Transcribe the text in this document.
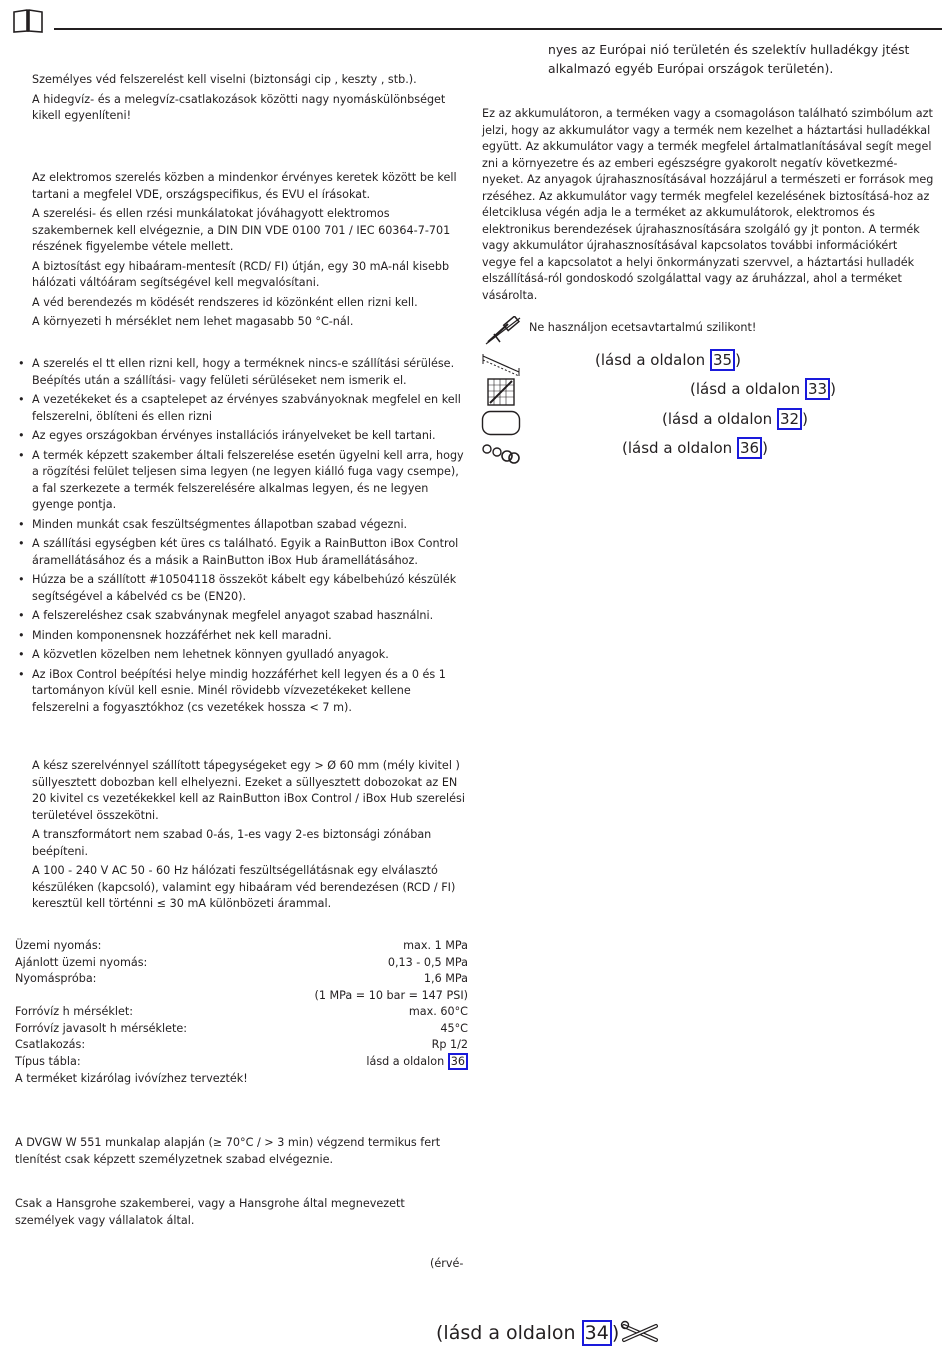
Személyes véd felszerelést kell viselni (biztonsági cip , keszty , stb.).

A hidegvíz- és a melegvíz-csatlakozások közötti nagy nyomáskülönbséget kikell egyenlíteni!

Az elektromos szerelés közben a mindenkor érvényes keretek között be kell tartani a megfelel VDE, országspecifikus, és EVU el írásokat.

A szerelési- és ellen rzési munkálatokat jóváhagyott elektromos szakembernek kell elvégeznie, a DIN DIN VDE 0100 701 / IEC 60364-7-701 részének figyelembe vétele mellett.

A biztosítást egy hibaáram-mentesít (RCD/ FI) útján, egy 30 mA-nál kisebb hálózati váltóáram segítségével kell megvalósítani.

A véd berendezés m ködését rendszeres id közönként ellen rizni kell.

A környezeti h mérséklet nem lehet magasabb 50 °C-nál.

• A szerelés el tt ellen rizni kell, hogy a terméknek nincs-e szállítási sérülése. Beépítés után a szállítási- vagy felületi sérüléseket nem ismerik el.
• A vezetékeket és a csaptelepet az érvényes szabványoknak megfelel en kell felszerelni, öblíteni és ellen rizni
• Az egyes országokban érvényes installációs irányelveket be kell tartani.
• A termék képzett szakember általi felszerelése esetén ügyelni kell arra, hogy a rögzítési felület teljesen sima legyen (ne legyen kiálló fuga vagy csempe), a fal szerkezete a termék felszerelésére alkalmas legyen, és ne legyen gyenge pontja.
• Minden munkát csak feszültségmentes állapotban szabad végezni.
• A szállítási egységben két üres cs található. Egyik a RainButton iBox Control áramellátásához és a másik a RainButton iBox Hub áramellátásához.
• Húzza be a szállított #10504118 összeköt kábelt egy kábelbehúzó készülék segítségével a kábelvéd cs be (EN20).
• A felszereléshez csak szabványnak megfelel anyagot szabad használni.
• Minden komponensnek hozzáférhet nek kell maradni.
• A közvetlen közelben nem lehetnek könnyen gyulladó anyagok.
• Az iBox Control beépítési helye mindig hozzáférhet kell legyen és a 0 és 1 tartományon kívül kell esnie. Minél rövidebb vízvezetékeket kellene felszerelni a fogyasztókhoz (cs vezetékek hossza < 7 m).

A kész szerelvénnyel szállított tápegységeket egy > Ø 60 mm (mély kivitel ) süllyesztett dobozban kell elhelyezni. Ezeket a süllyesztett dobozokat az EN 20 kivitel cs vezetékekkel kell az RainButton iBox Control / iBox Hub szerelési területével összekötni.

A transzformátort nem szabad 0-ás, 1-es vagy 2-es biztonsági zónában beépíteni.

A 100 - 240 V AC 50 - 60 Hz hálózati feszültségellátásnak egy elválasztó készüléken (kapcsoló), valamint egy hibaáram véd berendezésen (RCD / FI) keresztül kell történni ≤ 30 mA különbözeti árammal.

Üzemi nyomás:	max. 1 MPa
Ajánlott üzemi nyomás:	0,13 - 0,5 MPa
Nyomáspróba:	1,6 MPa
(1 MPa = 10 bar = 147 PSI)
Forróvíz h mérséklet:	max. 60°C
Forróvíz javasolt h mérséklete:	45°C
Csatlakozás:	Rp 1/2
Típus tábla:	lásd a oldalon 36
A terméket kizárólag ivóvízhez tervezték!

A DVGW W 551 munkalap alapján (≥ 70°C / > 3 min) végzend termikus fert tlenítést csak képzett személyzetnek szabad elvégeznie.

Csak a Hansgrohe szakemberei, vagy a Hansgrohe által megnevezett személyek vagy vállalatok által.

(érvé-

nyes az Európai nió területén és szelektív hulladékgy jtést alkalmazó egyéb Európai országok területén).

Ez az akkumulátoron, a terméken vagy a csomagoláson található szimbólum azt jelzi, hogy az akkumulátor vagy a termék nem kezelhet a háztartási hulladékkal együtt. Az akkumulátor vagy a termék megfelel ártalmatlanításával segít megel zni a környezetre és az emberi egészségre gyakorolt negatív következmé-nyeket. Az anyagok újrahasznosításával hozzájárul a természeti er források meg rzéséhez. Az akkumulátor vagy termék megfelel kezelésének biztosításá-hoz az életciklusa végén adja le a terméket az akkumulátorok, elektromos és elektronikus berendezések újrahasznosítására szolgáló gy jt ponton. A termék vagy akkumulátor újrahasznosításával kapcsolatos további információkért vegye fel a kapcsolatot a helyi önkormányzati szervvel, a háztartási hulladék elszállításá-ról gondoskodó szolgálattal vagy az áruházzal, ahol a terméket vásárolta.

Ne használjon ecetsavtartalmú szilikont!
(lásd a oldalon 35 )
(lásd a oldalon 33 )
(lásd a oldalon 32 )
(lásd a oldalon 36 )
(lásd a oldalon 34 )
